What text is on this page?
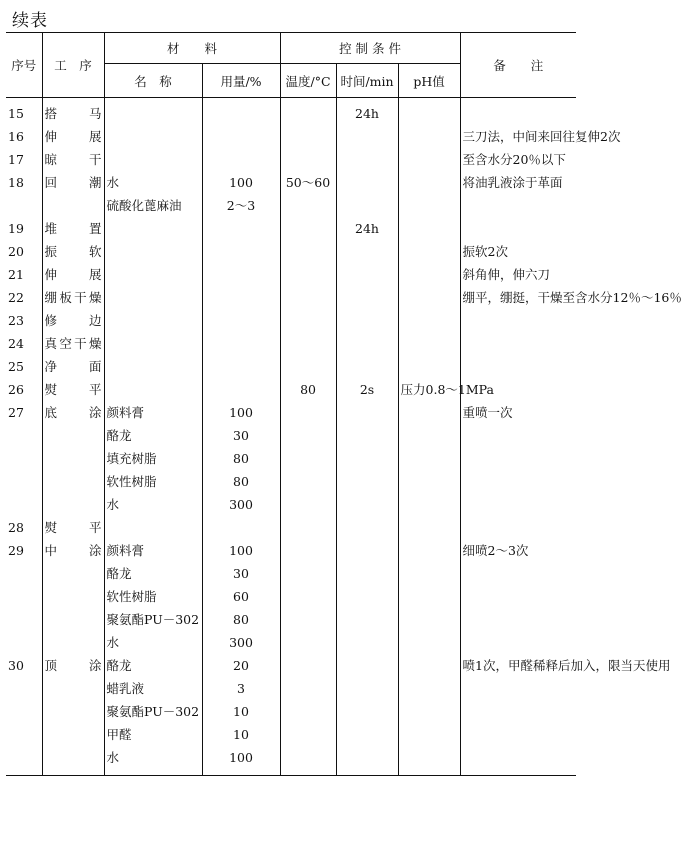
续表
序号	工　序	材　　料		控 制 条 件			备　　注
		名　称	用量/%	温度/°C	时间/min	pH值	
15	搭马				24h		
16	伸展						三刀法，中间来回往复伸2次
17	晾干						至含水分20％以下
18	回潮	水	100	50～60			将油乳液涂于革面
		硫酸化蓖麻油	2～3				
19	堆置				24h		
20	振软						振软2次
21	伸展						斜角伸，伸六刀
22	绷板干燥						绷平，绷挺，干燥至含水分12％～16％
23	修边						
24	真空干燥						
25	净面						
26	熨平			80	2s	压力0.8～1MPa	
27	底涂	颜料膏	100				重喷一次
		酪龙	30				
		填充树脂	80				
		软性树脂	80				
		水	300				
28	熨平						
29	中涂	颜料膏	100				细喷2～3次
		酪龙	30				
		软性树脂	60				
		聚氨酯PU－302	80				
		水	300				
30	顶涂	酪龙	20				喷1次，甲醛稀释后加入，限当天使用
		蜡乳液	3				
		聚氨酯PU－302	10				
		甲醛	10				
		水	100				
